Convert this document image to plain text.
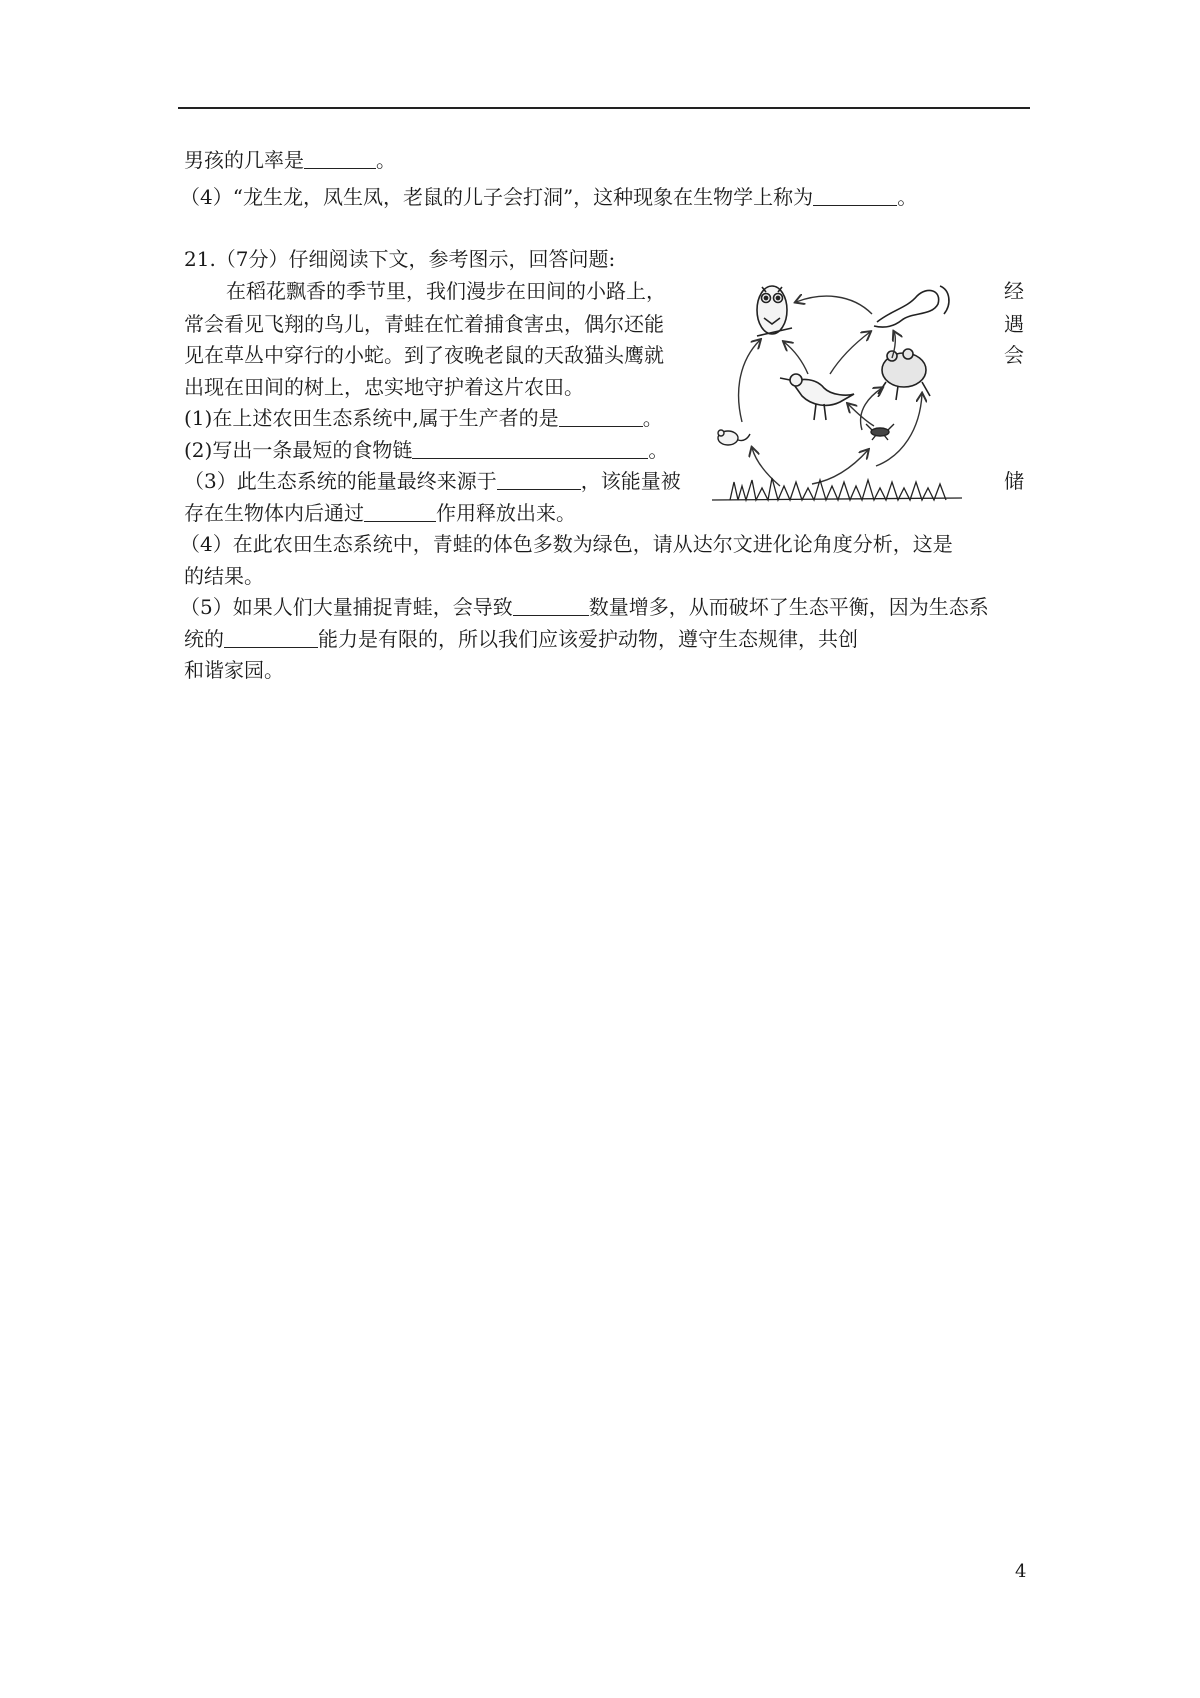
男孩的几率是	。
（4）“龙生龙，凤生凤，老鼠的儿子会打洞”，这种现象在生物学上称为	。
21.（7分）仔细阅读下文，参考图示，回答问题:
在稻花飘香的季节里，我们漫步在田间的小路上，	经
常会看见飞翔的鸟儿，青蛙在忙着捕食害虫，偶尔还能	遇
见在草丛中穿行的小蛇。到了夜晚老鼠的天敌猫头鹰就	会
出现在田间的树上，忠实地守护着这片农田。
(1)在上述农田生态系统中,属于生产者的是	。
(2)写出一条最短的食物链	。
（3）此生态系统的能量最终来源于	，该能量被	储
存在生物体内后通过	作用释放出来。
（4）在此农田生态系统中，青蛙的体色多数为绿色，请从达尔文进化论角度分析，这是
的结果。
（5）如果人们大量捕捉青蛙，会导致	数量增多，从而破坏了生态平衡，因为生态系
统的	能力是有限的，所以我们应该爱护动物，遵守生态规律，共创
和谐家园。
4
